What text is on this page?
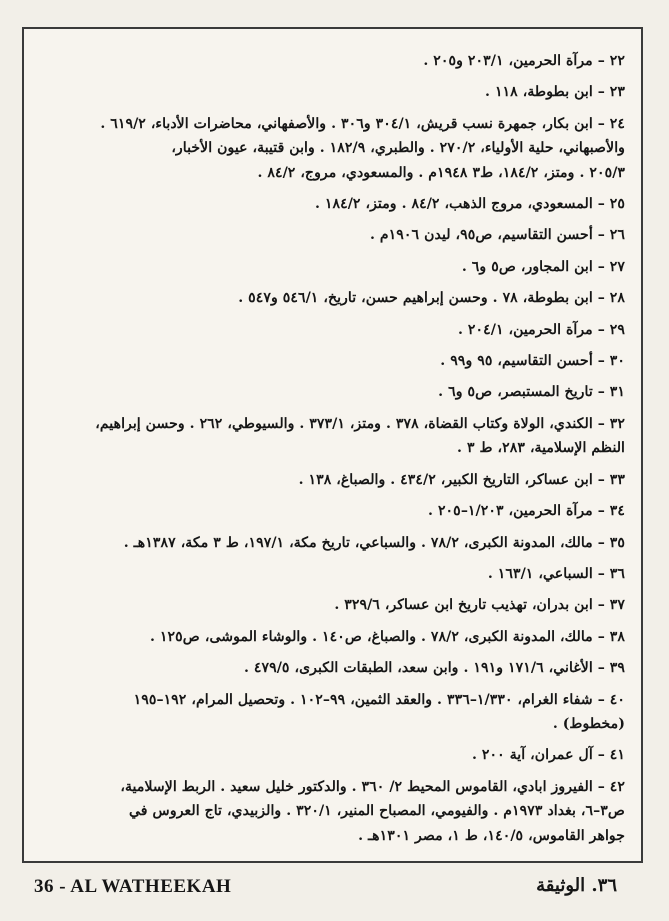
٢٢ – مرآة الحرمين، ٢٠٣/١ و٢٠٥ .
٢٣ – ابن بطوطة، ١١٨ .
٢٤ – ابن بكار، جمهرة نسب قريش، ٣٠٤/١ و٣٠٦ . والأصفهاني، محاضرات الأدباء، ٦١٩/٢ .
والأصبهاني، حلية الأولياء، ٢٧٠/٢ . والطبري، ١٨٢/٩ . وابن قتيبة، عيون الأخبار،
٢٠٥/٣ . ومتز، ١٨٤/٢، ط٣ ١٩٤٨م . والمسعودي، مروج، ٨٤/٢ .
٢٥ – المسعودي، مروج الذهب، ٨٤/٢ . ومتز، ١٨٤/٢ .
٢٦ – أحسن التقاسيم، ص٩٥، ليدن ١٩٠٦م .
٢٧ – ابن المجاور، ص٥ و٦ .
٢٨ – ابن بطوطة، ٧٨ . وحسن إبراهيم حسن، تاريخ، ٥٤٦/١ و٥٤٧ .
٢٩ – مرآة الحرمين، ٢٠٤/١ .
٣٠ – أحسن التقاسيم، ٩٥ و٩٩ .
٣١ – تاريخ المستبصر، ص٥ و٦ .
٣٢ – الكندي، الولاة وكتاب القضاة، ٣٧٨ . ومتز، ٣٧٣/١ . والسيوطي، ٢٦٢ . وحسن إبراهيم،
النظم الإسلامية، ٢٨٣، ط ٣ .
٣٣ – ابن عساكر، التاريخ الكبير، ٤٣٤/٢ . والصباغ، ١٣٨ .
٣٤ – مرآة الحرمين، ١/٢٠٣–٢٠٥ .
٣٥ – مالك، المدونة الكبرى، ٧٨/٢ . والسباعي، تاريخ مكة، ١٩٧/١، ط ٣ مكة، ١٣٨٧هـ .
٣٦ – السباعي، ١٦٣/١ .
٣٧ – ابن بدران، تهذيب تاريخ ابن عساكر، ٣٢٩/٦ .
٣٨ – مالك، المدونة الكبرى، ٧٨/٢ . والصباغ، ص١٤٠ . والوشاء الموشى، ص١٢٥ .
٣٩ – الأغاني، ١٧١/٦ و١٩١ . وابن سعد، الطبقات الكبرى، ٤٧٩/٥ .
٤٠ – شفاء الغرام، ١/٣٣٠–٣٣٦ . والعقد الثمين، ٩٩–١٠٢ . وتحصيل المرام، ١٩٢–١٩٥
(مخطوط) .
٤١ – آل عمران، آية ٢٠٠ .
٤٢ – الفيروز ابادي، القاموس المحيط ٢/ ٣٦٠ . والدكتور خليل سعيد . الربط الإسلامية،
ص٣–٦، بغداد ١٩٧٣م . والفيومي، المصباح المنير، ٣٢٠/١ . والزبيدي، تاج العروس في
جواهر القاموس، ١٤٠/٥، ط ١، مصر ١٣٠١هـ .
36 - AL WATHEEKAH	٣٦. الوثيقة
